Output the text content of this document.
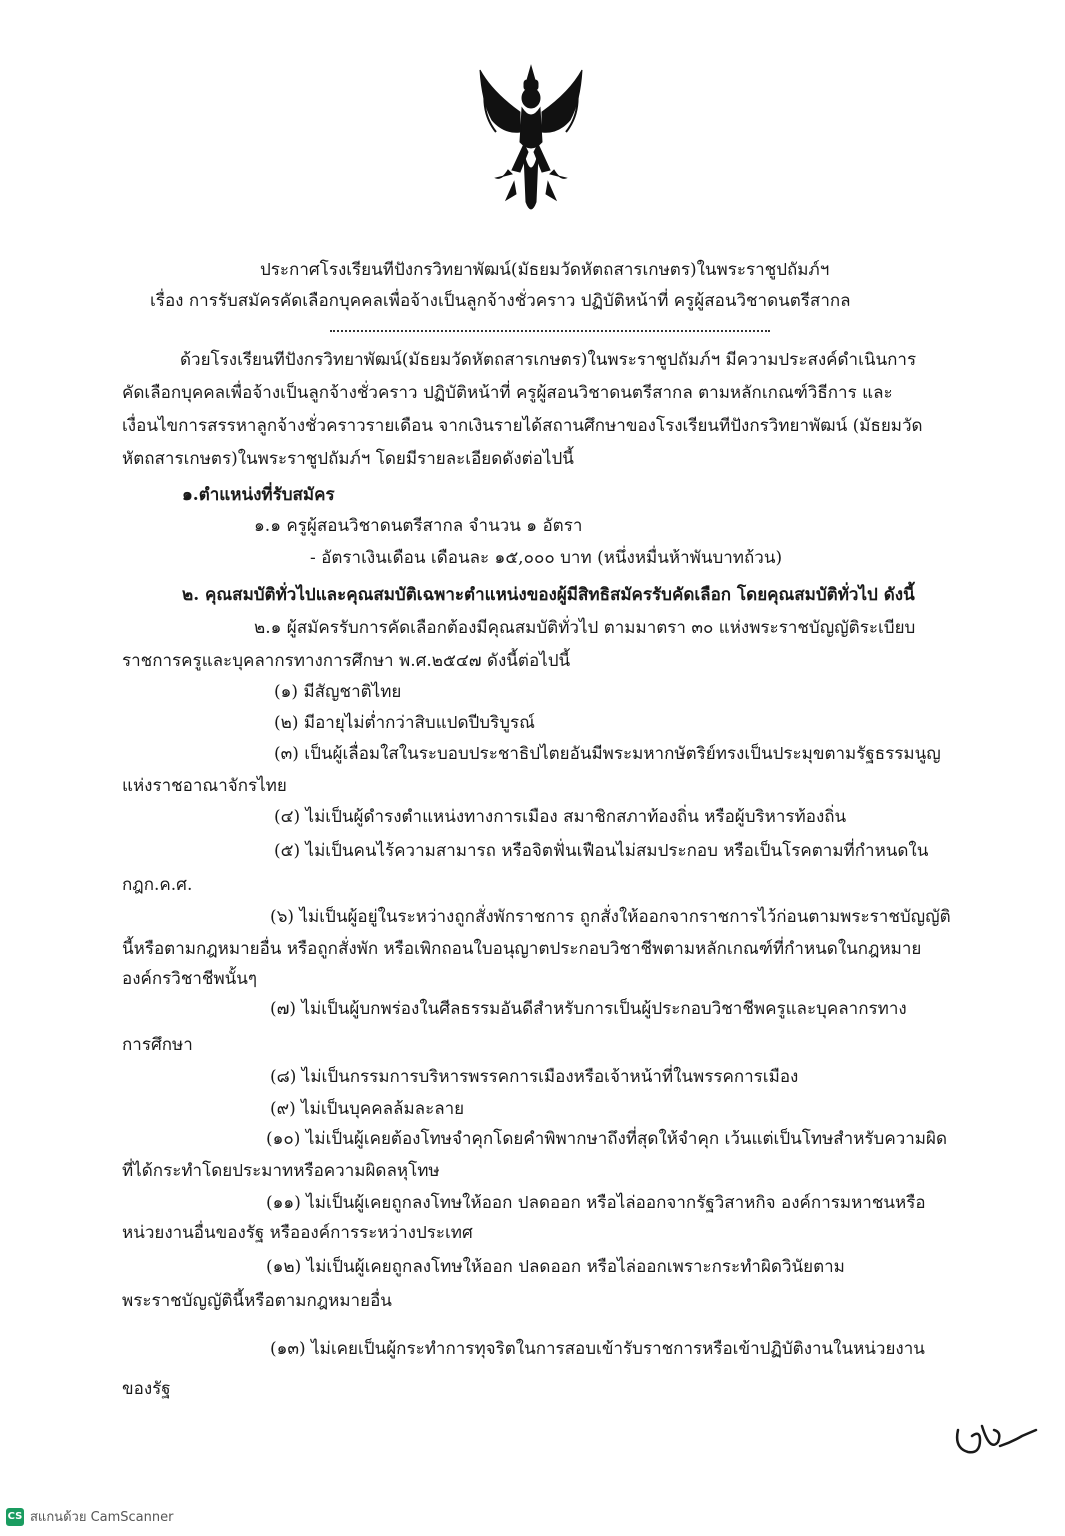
ประกาศโรงเรียนทีปังกรวิทยาพัฒน์(มัธยมวัดหัตถสารเกษตร)ในพระราชูปถัมภ์ฯ
เรื่อง การรับสมัครคัดเลือกบุคคลเพื่อจ้างเป็นลูกจ้างชั่วคราว ปฏิบัติหน้าที่ ครูผู้สอนวิชาดนตรีสากล
ด้วยโรงเรียนทีปังกรวิทยาพัฒน์(มัธยมวัดหัตถสารเกษตร)ในพระราชูปถัมภ์ฯ มีความประสงค์ดำเนินการ
คัดเลือกบุคคลเพื่อจ้างเป็นลูกจ้างชั่วคราว ปฏิบัติหน้าที่ ครูผู้สอนวิชาดนตรีสากล ตามหลักเกณฑ์วิธีการ และ
เงื่อนไขการสรรหาลูกจ้างชั่วคราวรายเดือน จากเงินรายได้สถานศึกษาของโรงเรียนทีปังกรวิทยาพัฒน์ (มัธยมวัด
หัตถสารเกษตร)ในพระราชูปถัมภ์ฯ โดยมีรายละเอียดดังต่อไปนี้
๑.ตำแหน่งที่รับสมัคร
๑.๑ ครูผู้สอนวิชาดนตรีสากล จำนวน ๑ อัตรา
- อัตราเงินเดือน เดือนละ ๑๕,๐๐๐ บาท (หนึ่งหมื่นห้าพันบาทถ้วน)
๒. คุณสมบัติทั่วไปและคุณสมบัติเฉพาะตำแหน่งของผู้มีสิทธิสมัครรับคัดเลือก โดยคุณสมบัติทั่วไป ดังนี้
๒.๑ ผู้สมัครรับการคัดเลือกต้องมีคุณสมบัติทั่วไป ตามมาตรา ๓๐ แห่งพระราชบัญญัติระเบียบ
ราชการครูและบุคลากรทางการศึกษา พ.ศ.๒๕๔๗ ดังนี้ต่อไปนี้
(๑) มีสัญชาติไทย
(๒) มีอายุไม่ต่ำกว่าสิบแปดปีบริบูรณ์
(๓) เป็นผู้เลื่อมใสในระบอบประชาธิปไตยอันมีพระมหากษัตริย์ทรงเป็นประมุขตามรัฐธรรมนูญ
แห่งราชอาณาจักรไทย
(๔) ไม่เป็นผู้ดำรงตำแหน่งทางการเมือง สมาชิกสภาท้องถิ่น หรือผู้บริหารท้องถิ่น
(๕) ไม่เป็นคนไร้ความสามารถ หรือจิตฟั่นเฟือนไม่สมประกอบ หรือเป็นโรคตามที่กำหนดใน
กฎก.ค.ศ.
(๖) ไม่เป็นผู้อยู่ในระหว่างถูกสั่งพักราชการ ถูกสั่งให้ออกจากราชการไว้ก่อนตามพระราชบัญญัติ
นี้หรือตามกฎหมายอื่น หรือถูกสั่งพัก หรือเพิกถอนใบอนุญาตประกอบวิชาชีพตามหลักเกณฑ์ที่กำหนดในกฎหมาย
องค์กรวิชาชีพนั้นๆ
(๗) ไม่เป็นผู้บกพร่องในศีลธรรมอันดีสำหรับการเป็นผู้ประกอบวิชาชีพครูและบุคลากรทาง
การศึกษา
(๘) ไม่เป็นกรรมการบริหารพรรคการเมืองหรือเจ้าหน้าที่ในพรรคการเมือง
(๙) ไม่เป็นบุคคลล้มละลาย
(๑๐) ไม่เป็นผู้เคยต้องโทษจำคุกโดยคำพิพากษาถึงที่สุดให้จำคุก เว้นแต่เป็นโทษสำหรับความผิด
ที่ได้กระทำโดยประมาทหรือความผิดลหุโทษ
(๑๑) ไม่เป็นผู้เคยถูกลงโทษให้ออก ปลดออก หรือไล่ออกจากรัฐวิสาหกิจ องค์การมหาชนหรือ
หน่วยงานอื่นของรัฐ หรือองค์การระหว่างประเทศ
(๑๒) ไม่เป็นผู้เคยถูกลงโทษให้ออก ปลดออก หรือไล่ออกเพราะกระทำผิดวินัยตาม
พระราชบัญญัตินี้หรือตามกฎหมายอื่น
(๑๓) ไม่เคยเป็นผู้กระทำการทุจริตในการสอบเข้ารับราชการหรือเข้าปฏิบัติงานในหน่วยงาน
ของรัฐ
CS สแกนด้วย CamScanner
